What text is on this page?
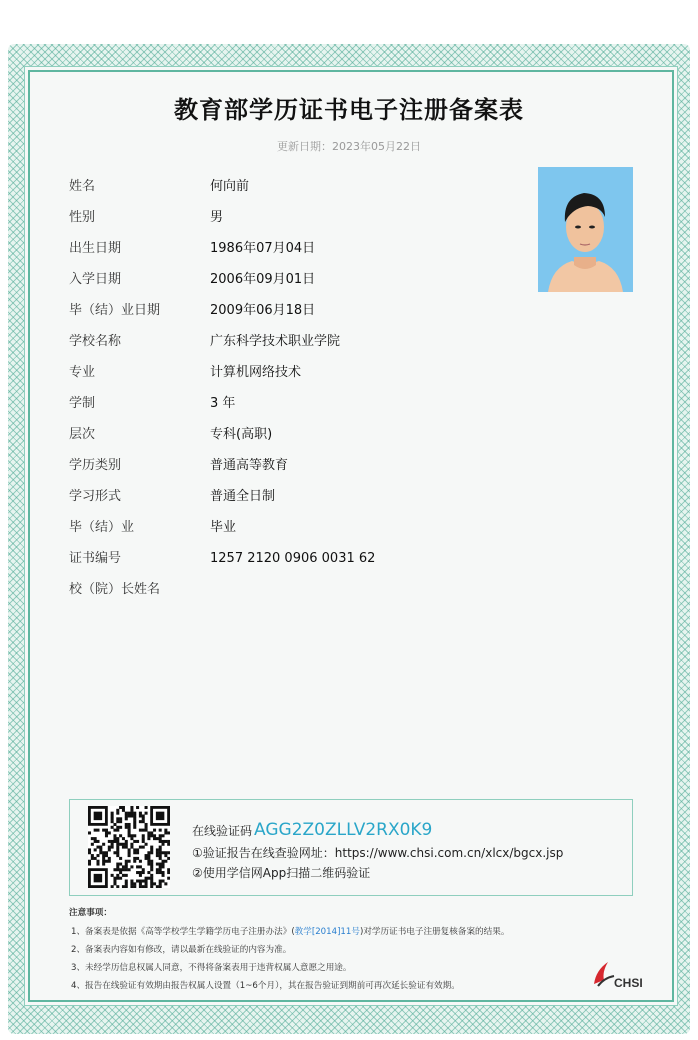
教育部学历证书电子注册备案表
更新日期：2023年05月22日
姓名	何向前
性别	男
出生日期	1986年07月04日
入学日期	2006年09月01日
毕（结）业日期	2009年06月18日
学校名称	广东科学技术职业学院
专业	计算机网络技术
学制	3 年
层次	专科(高职)
学历类别	普通高等教育
学习形式	普通全日制
毕（结）业	毕业
证书编号	1257 2120 0906 0031 62
校（院）长姓名
在线验证码 AGG2Z0ZLLV2RX0K9
①验证报告在线查验网址：https://www.chsi.com.cn/xlcx/bgcx.jsp
②使用学信网App扫描二维码验证
注意事项：
1、备案表是依据《高等学校学生学籍学历电子注册办法》(教学[2014]11号)对学历证书电子注册复核备案的结果。
2、备案表内容如有修改，请以最新在线验证的内容为准。
3、未经学历信息权属人同意，不得将备案表用于违背权属人意愿之用途。
4、报告在线验证有效期由报告权属人设置（1~6个月），其在报告验证到期前可再次延长验证有效期。	CHSI
